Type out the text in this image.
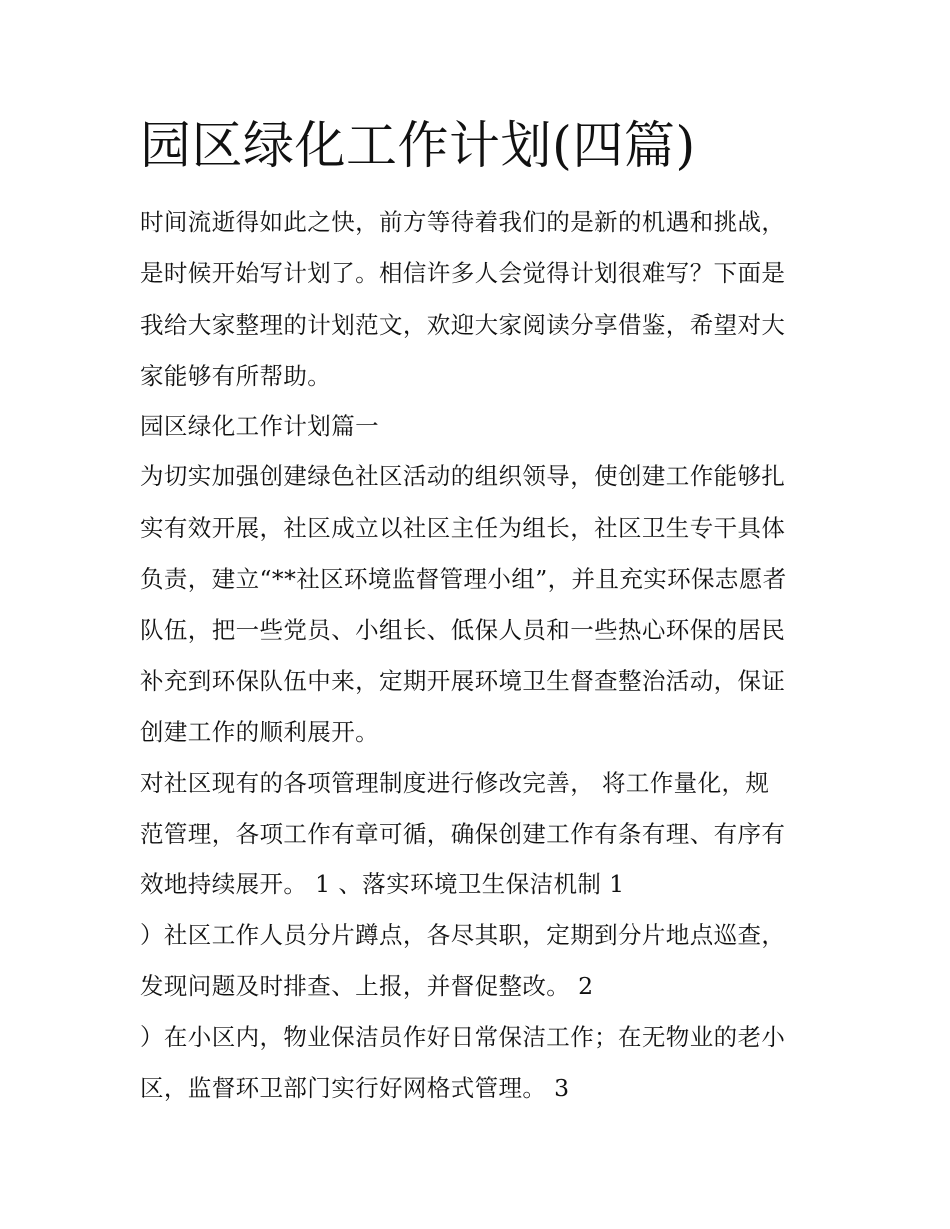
园区绿化工作计划(四篇)

时间流逝得如此之快，前方等待着我们的是新的机遇和挑战，

是时候开始写计划了。相信许多人会觉得计划很难写？下面是

我给大家整理的计划范文，欢迎大家阅读分享借鉴，希望对大

家能够有所帮助。

园区绿化工作计划篇一

为切实加强创建绿色社区活动的组织领导，使创建工作能够扎

实有效开展，社区成立以社区主任为组长，社区卫生专干具体

负责，建立“**社区环境监督管理小组”，并且充实环保志愿者

队伍，把一些党员、小组长、低保人员和一些热心环保的居民

补充到环保队伍中来，定期开展环境卫生督查整治活动，保证

创建工作的顺利展开。

对社区现有的各项管理制度进行修改完善， 将工作量化，规

范管理，各项工作有章可循，确保创建工作有条有理、有序有

效地持续展开。 1 、落实环境卫生保洁机制 1

）社区工作人员分片蹲点，各尽其职，定期到分片地点巡查，

发现问题及时排查、上报，并督促整改。 2

）在小区内，物业保洁员作好日常保洁工作；在无物业的老小

区，监督环卫部门实行好网格式管理。 3
